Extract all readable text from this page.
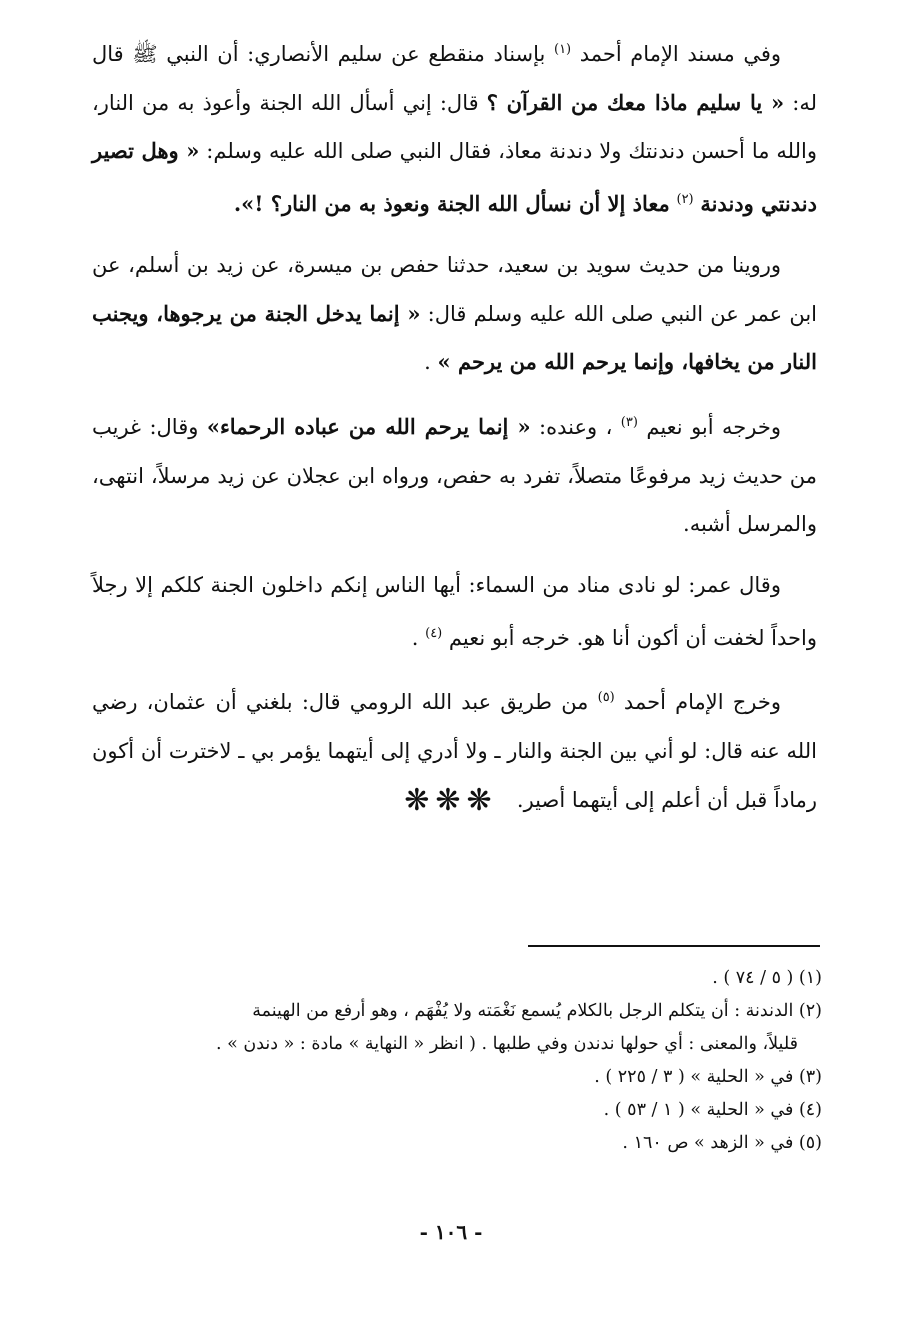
وفي مسند الإمام أحمد $^{(١)}$ بإسناد منقطع عن سليم الأنصاري: أن النبي ﷺ قال له: « يا سليم ماذا معك من القرآن ؟ قال: إني أسأل الله الجنة وأعوذ به من النار، والله ما أحسن دندنتك ولا دندنة معاذ، فقال النبي صلى الله عليه وسلم: « وهل تصير دندنتي ودندنة $^{(٢)}$ معاذ إلا أن نسأل الله الجنة ونعوذ به من النار؟ !».

وروينا من حديث سويد بن سعيد، حدثنا حفص بن ميسرة، عن زيد بن أسلم، عن ابن عمر عن النبي صلى الله عليه وسلم قال: « إنما يدخل الجنة من يرجوها، ويجنب النار من يخافها، وإنما يرحم الله من يرحم » .

وخرجه أبو نعيم $^{(٣)}$ ، وعنده: « إنما يرحم الله من عباده الرحماء» وقال: غريب من حديث زيد مرفوعًا متصلاً، تفرد به حفص، ورواه ابن عجلان عن زيد مرسلاً، انتهى، والمرسل أشبه.

وقال عمر: لو نادى مناد من السماء: أيها الناس إنكم داخلون الجنة كلكم إلا رجلاً واحداً لخفت أن أكون أنا هو. خرجه أبو نعيم $^{(٤)}$ .

وخرج الإمام أحمد $^{(٥)}$ من طريق عبد الله الرومي قال: بلغني أن عثمان، رضي الله عنه قال: لو أني بين الجنة والنار ـ ولا أدري إلى أيتهما يؤمر بي ـ لاخترت أن أكون رماداً قبل أن أعلم إلى أيتهما أصير.

❋❋❋

(١) ( ٥ / ٧٤ ) .

(٢) الدندنة : أن يتكلم الرجل بالكلام يُسمع نَغْمَته ولا يُفْهَم ، وهو أرفع من الهينمة

قليلاً، والمعنى : أي حولها ندندن وفي طلبها . ( انظر « النهاية » مادة : « دندن » .

(٣) في « الحلية » ( ٣ / ٢٢٥ ) .

(٤) في « الحلية » ( ١ / ٥٣ ) .

(٥) في « الزهد » ص ١٦٠ .

- ١٠٦ -
